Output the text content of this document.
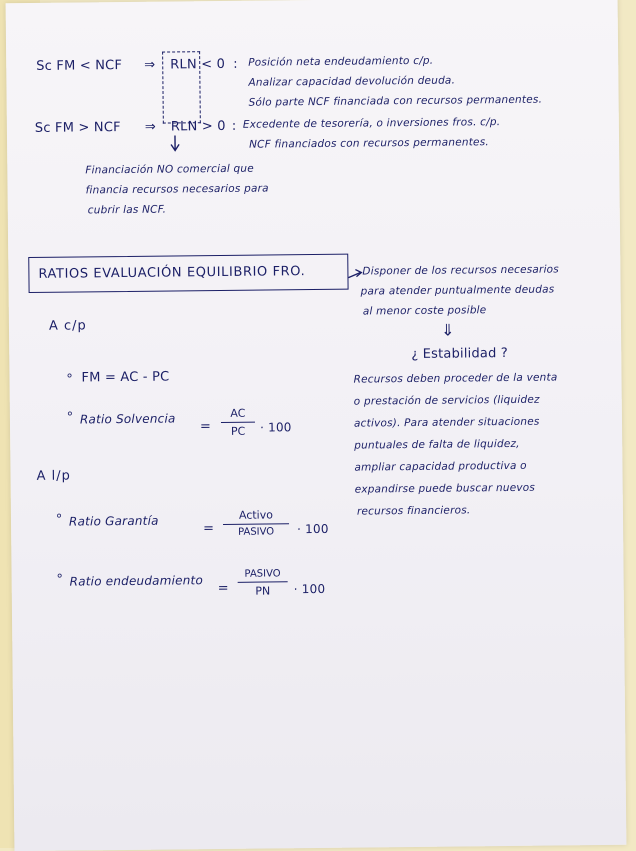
Sc FM < NCF ⇒ RLN < 0 : Posición neta endeudamiento c/p.
Analizar capacidad devolución deuda.
Sólo parte NCF financiada con recursos permanentes.
Sc FM > NCF ⇒ RLN > 0 : Excedente de tesorería, o inversiones fros. c/p.
NCF financiados con recursos permanentes.
Financiación NO comercial que
financia recursos necesarios para
cubrir las NCF.
RATIOS EVALUACIÓN EQUILIBRIO FRO.	Disponer de los recursos necesarios
para atender puntualmente deudas
al menor coste posible
⇓
¿ Estabilidad ?
Recursos deben proceder de la venta
o prestación de servicios (liquidez
activos). Para atender situaciones
puntuales de falta de liquidez,
ampliar capacidad productiva o
expandirse puede buscar nuevos
recursos financieros.
A c/p
∘ FM = AC - PC
∘ Ratio Solvencia
=
AC
PC · 100
A l/p
∘ Ratio Garantía	=
Activo
PASIVO · 100
∘ Ratio endeudamiento =
PASIVO
PN · 100
